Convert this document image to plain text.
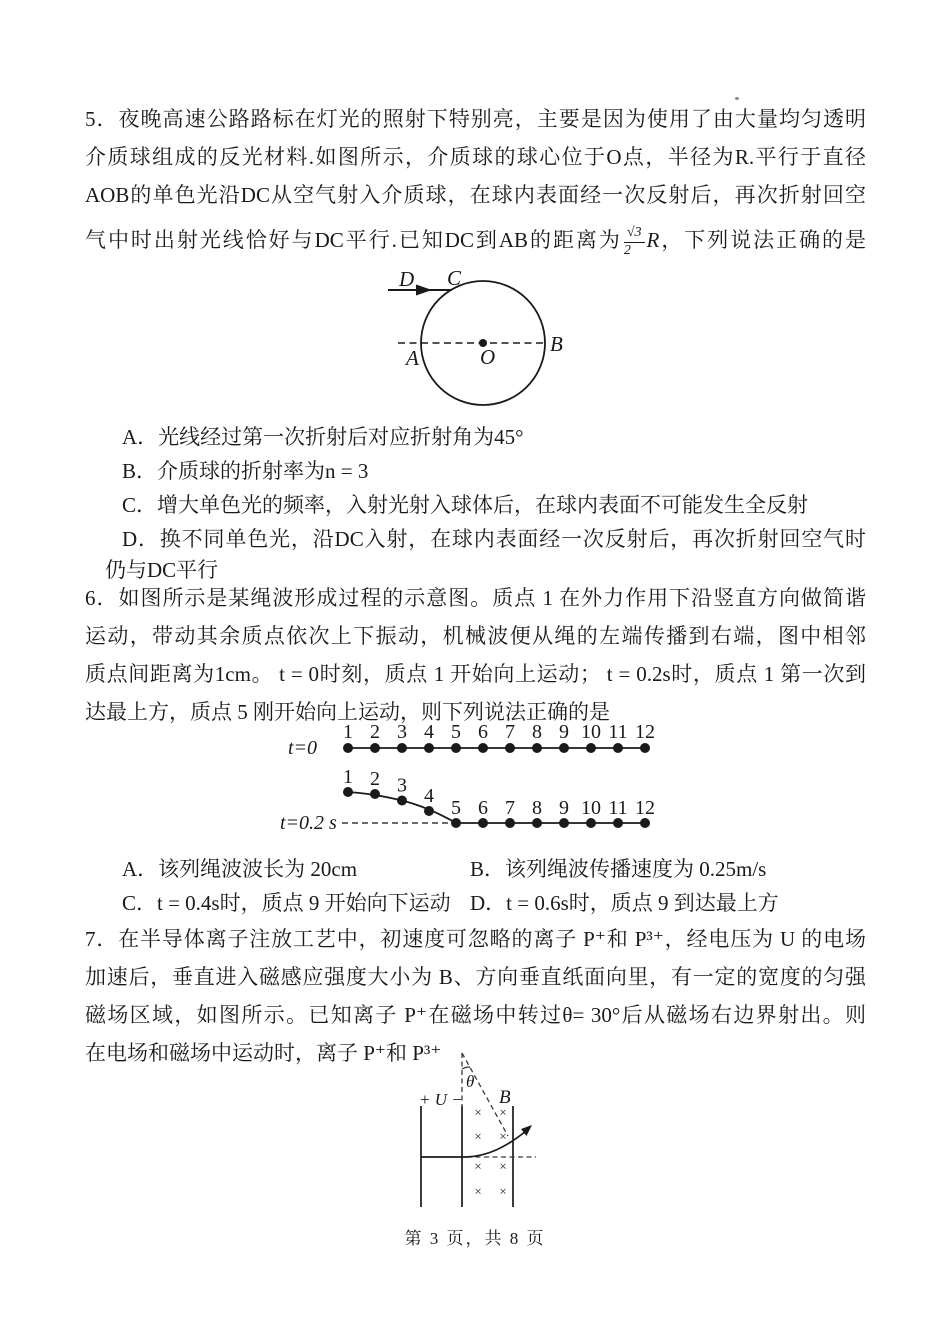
5．夜晚高速公路路标在灯光的照射下特别亮，主要是因为使用了由大量均匀透明
介质球组成的反光材料.如图所示，介质球的球心位于O点，半径为R.平行于直径
AOB的单色光沿DC从空气射入介质球，在球内表面经一次反射后，再次折射回空
气中时出射光线恰好与DC平行.已知DC到AB的距离为 $\frac{√3}{2}$ R，下列说法正确的是
D C
A
B
O
A．光线经过第一次折射后对应折射角为45°
B．介质球的折射率为n = 3
C．增大单色光的频率，入射光射入球体后，在球内表面不可能发生全反射
D．换不同单色光，沿DC入射，在球内表面经一次反射后，再次折射回空气时
仍与DC平行
6．如图所示是某绳波形成过程的示意图。质点 1 在外力作用下沿竖直方向做简谐
运动，带动其余质点依次上下振动，机械波便从绳的左端传播到右端，图中相邻
质点间距离为1cm。 t = 0时刻，质点 1 开始向上运动； t = 0.2s时，质点 1 第一次到
达最上方，质点 5 刚开始向上运动，则下列说法正确的是
t=0
t=0.2 s
1 2 3 4 5 6 7 8 9 10 11 12
1 2 3 4
5 6 7 8 9 10 11 12
A．该列绳波波长为 20cm	B．该列绳波传播速度为 0.25m/s
C．t = 0.4s时，质点 9 开始向下运动 D．t = 0.6s时，质点 9 到达最上方
7．在半导体离子注放工艺中，初速度可忽略的离子 P⁺和 P³⁺，经电压为 U 的电场
加速后，垂直进入磁感应强度大小为 B、方向垂直纸面向里，有一定的宽度的匀强
磁场区域，如图所示。已知离子 P⁺在磁场中转过θ= 30°后从磁场右边界射出。则
在电场和磁场中运动时，离子 P⁺和 P³⁺
θ
+ U − B
× ×
× ×
× ×
× ×
第 3 页，共 8 页
